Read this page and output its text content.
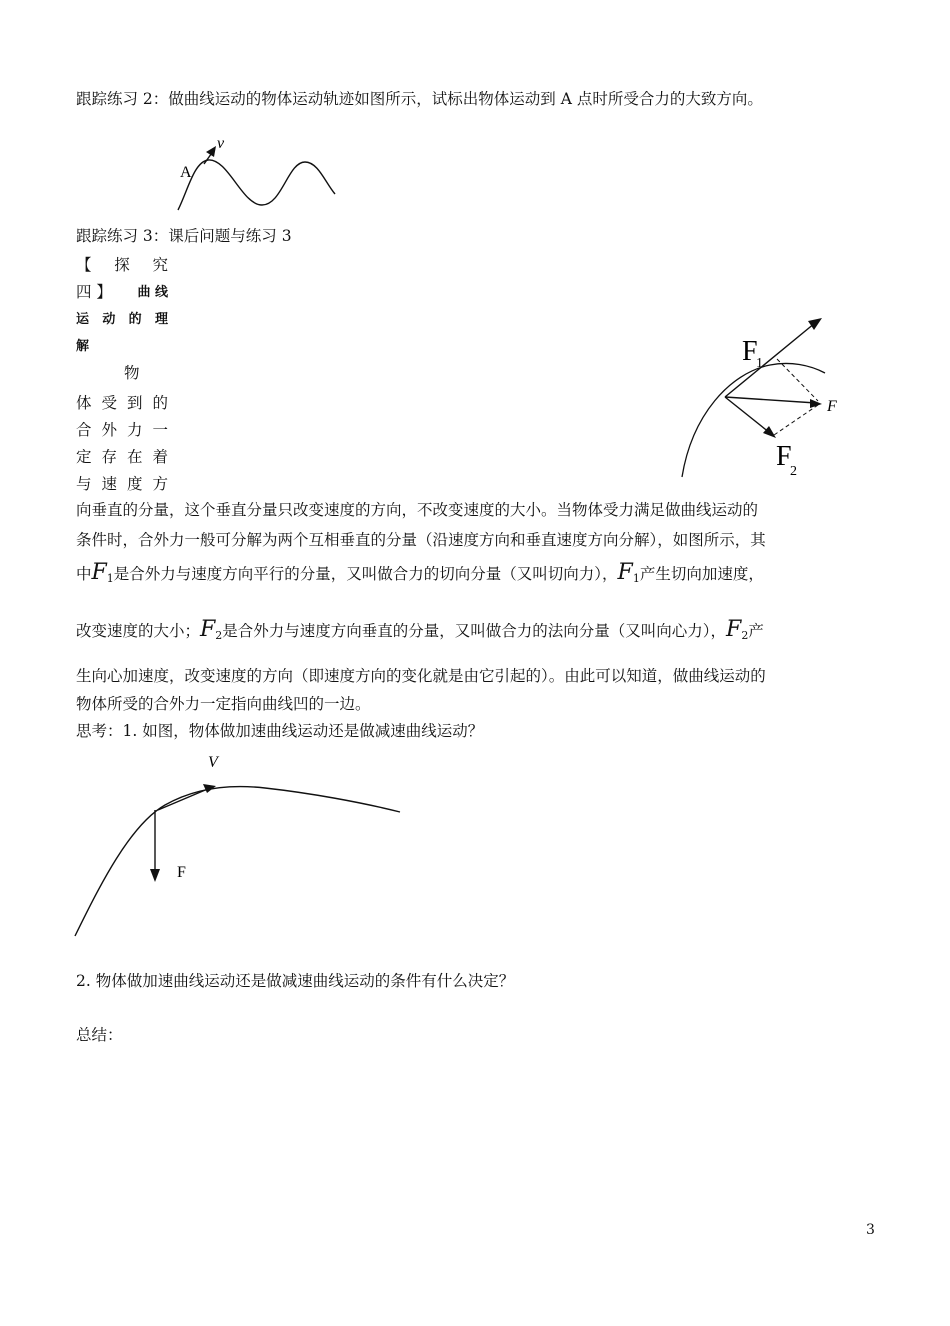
跟踪练习 2：做曲线运动的物体运动轨迹如图所示，试标出物体运动到 A 点时所受合力的大致方向。
v
A
跟踪练习 3：课后问题与练习 3
【 探 究
四 】 曲 线
运 动 的 理
解
物
体 受 到 的
合 外 力 一
定 存 在 着
与 速 度 方
F
1
F
F
2
向垂直的分量，这个垂直分量只改变速度的方向，不改变速度的大小。当物体受力满足做曲线运动的
条件时，合外力一般可分解为两个互相垂直的分量（沿速度方向和垂直速度方向分解），如图所示，其
中F1是合外力与速度方向平行的分量，又叫做合力的切向分量（又叫切向力），F1产生切向加速度，
改变速度的大小；F2是合外力与速度方向垂直的分量，又叫做合力的法向分量（又叫向心力），F2产
生向心加速度，改变速度的方向（即速度方向的变化就是由它引起的）。由此可以知道，做曲线运动的
物体所受的合外力一定指向曲线凹的一边。
思考：1. 如图，物体做加速曲线运动还是做减速曲线运动？
V
F
2. 物体做加速曲线运动还是做减速曲线运动的条件有什么决定？
总结：
3
